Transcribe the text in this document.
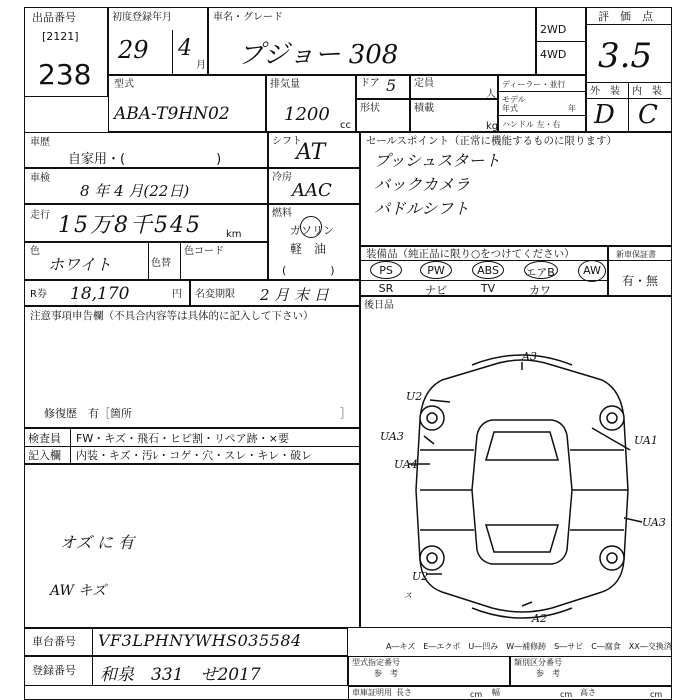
出品番号
[2121]
238
初度登録年月
29 4
月
車名・グレード
プジョー 308
2WD
4WD
評　価　点
3.5
外　装 内　装
D C
型式
ABA-T9HN02
排気量
1200
cc
ドア 5 定員
人
形状	積載
kg
ディーラー・並行
モデル年式	年
ハンドル 左・右
車歴
自家用・(　　　　　　　)
シフト
AT
車検
8 年 4 月(22日)
冷房
AAC
走行 15万8千545 km
燃料
ガソリン
軽　油
(　　　　)
色
ホワイト	色替
色コード
セールスポイント（正常に機能するものに限ります）
プッシュスタート
バックカメラ
パドルシフト
装備品（純正品に限り○をつけてください）
PS	PW	ABS	エアB	AW
SR	ナビ	TV	カワ
新車保証書
有・無
R券 18,170	円 名変期限 2 月 末 日
後日品
注意事項申告欄（不具合内容等は具体的に記入して下さい）
修復歴　有［箇所	］
検査員 FW・キズ・飛石・ヒビ割・リペア跡・×要
記入欄 内装・キズ・汚ﾚ・コゲ・穴・スレ・キレ・破レ
オズ に 有
AW キズ
A3
U2
UA3	UA1
UA4
UA3
U2
A2
ス
A―キズ　E―エクボ　U―凹み　W―補修跡　S―サビ　C―腐食　XX―交換済
車台番号 VF3LPHNYWHS035584
登録番号 和泉　331　せ2017
型式指定番号
参　考
類別区分番号
参　考
車庫証明用 長さ	cm 幅	cm 高さ	cm
